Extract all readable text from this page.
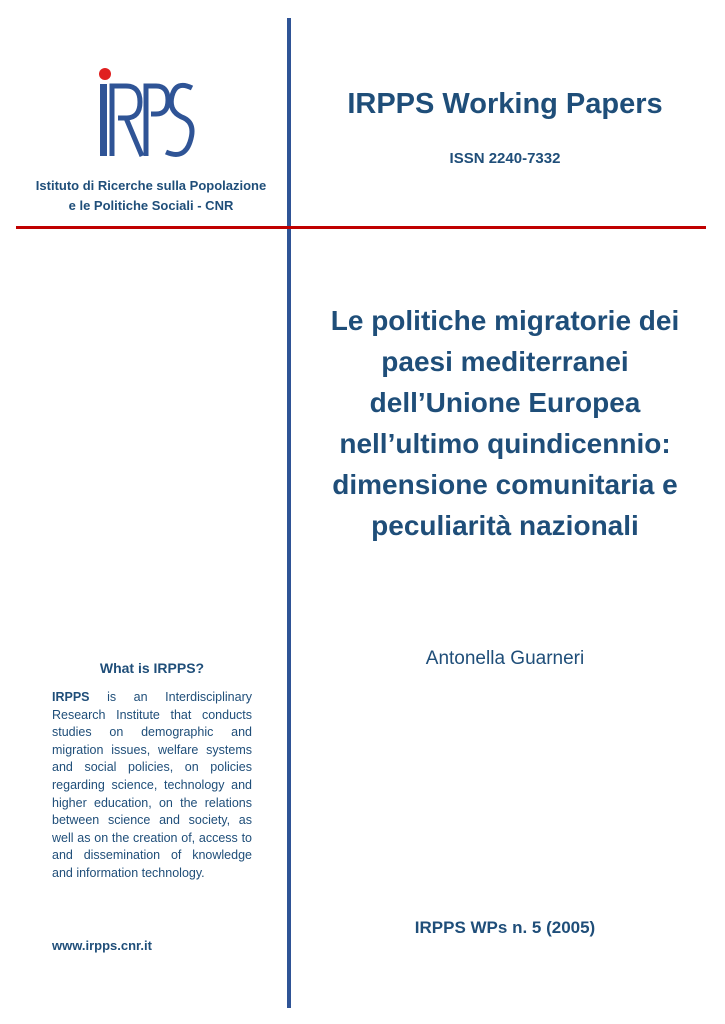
Istituto di Ricerche sulla Popolazione
e le Politiche Sociali - CNR
IRPPS Working Papers
ISSN 2240-7332
Le politiche migratorie dei
paesi mediterranei
dell’Unione Europea
nell’ultimo quindicennio:
dimensione comunitaria e
peculiarità nazionali
Antonella Guarneri
What is IRPPS?
IRPPS is an Interdisciplinary Research Institute that conducts studies on demographic and migration issues, welfare systems and social policies, on policies regarding science, technology and higher education, on the relations between science and society, as well as on the creation of, access to and dissemination of knowledge and information technology.
www.irpps.cnr.it
IRPPS WPs n. 5 (2005)
